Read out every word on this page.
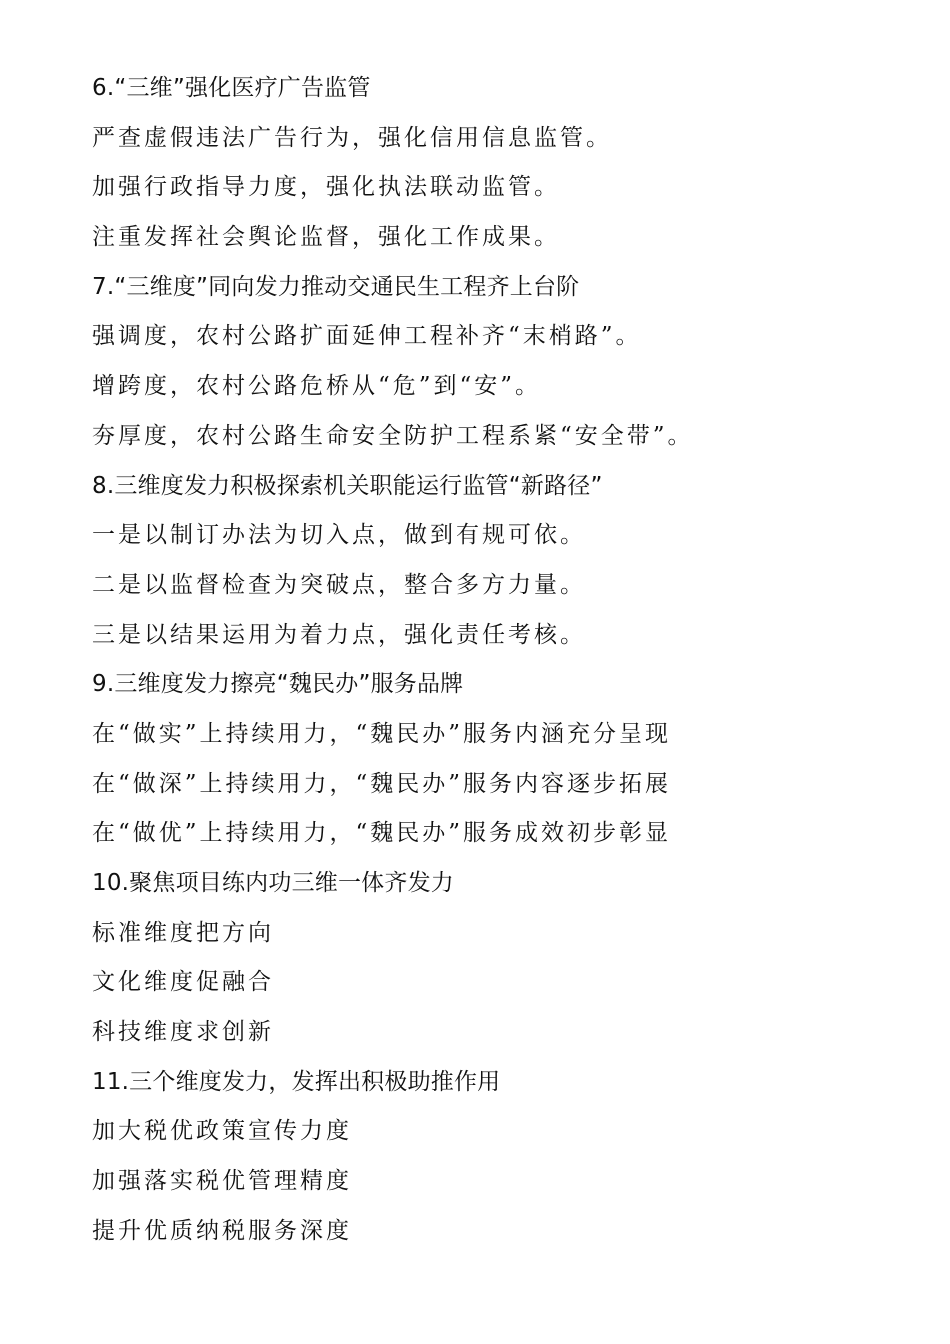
6.“三维”强化医疗广告监管
严查虚假违法广告行为，强化信用信息监管。
加强行政指导力度，强化执法联动监管。
注重发挥社会舆论监督，强化工作成果。
7.“三维度”同向发力推动交通民生工程齐上台阶
强调度，农村公路扩面延伸工程补齐“末梢路”。
增跨度，农村公路危桥从“危”到“安”。
夯厚度，农村公路生命安全防护工程系紧“安全带”。
8.三维度发力积极探索机关职能运行监管“新路径”
一是以制订办法为切入点，做到有规可依。
二是以监督检查为突破点，整合多方力量。
三是以结果运用为着力点，强化责任考核。
9.三维度发力擦亮“魏民办”服务品牌
在“做实”上持续用力，“魏民办”服务内涵充分呈现
在“做深”上持续用力，“魏民办”服务内容逐步拓展
在“做优”上持续用力，“魏民办”服务成效初步彰显
10.聚焦项目练内功三维一体齐发力
标准维度把方向
文化维度促融合
科技维度求创新
11.三个维度发力，发挥出积极助推作用
加大税优政策宣传力度
加强落实税优管理精度
提升优质纳税服务深度
